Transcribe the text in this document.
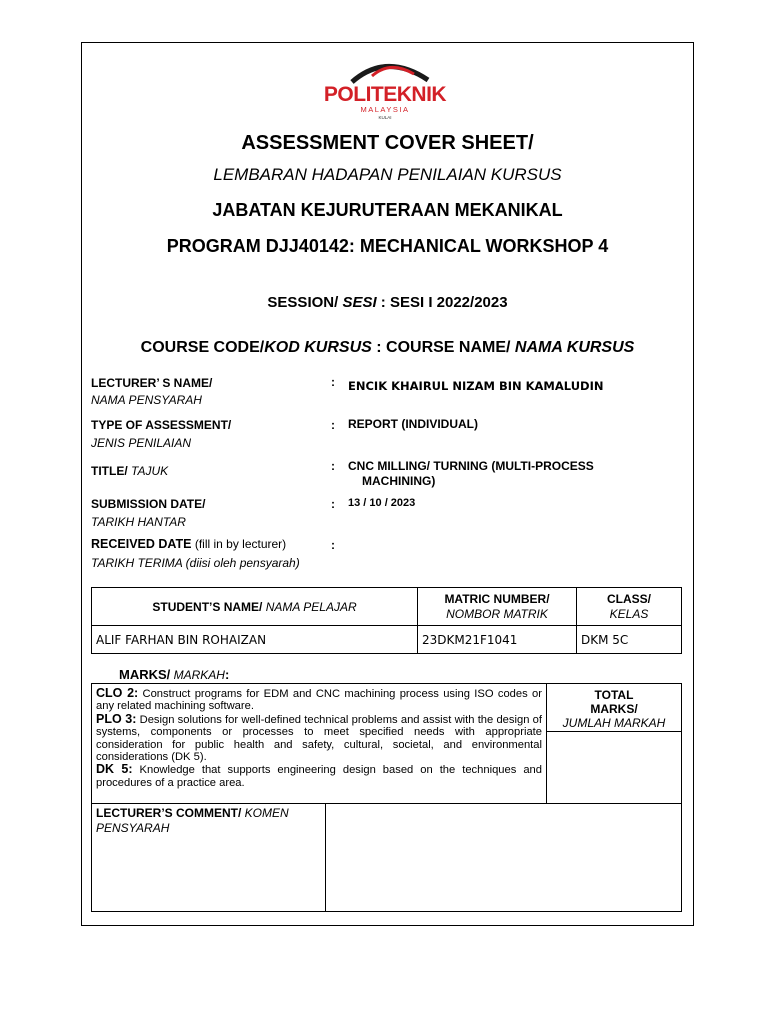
POLITEKNIK
MALAYSIA
KULAI
ASSESSMENT COVER SHEET/
LEMBARAN HADAPAN PENILAIAN KURSUS
JABATAN KEJURUTERAAN MEKANIKAL
PROGRAM DJJ40142: MECHANICAL WORKSHOP 4
SESSION/ SESI : SESI I 2022/2023
COURSE CODE/KOD KURSUS : COURSE NAME/ NAMA KURSUS
LECTURER’ S NAME/
NAMA PENSYARAH
: ENCIK KHAIRUL NIZAM BIN KAMALUDIN
TYPE OF ASSESSMENT/
JENIS PENILAIAN
: REPORT (INDIVIDUAL)
TITLE/ TAJUK	: CNC MILLING/ TURNING (MULTI-PROCESS
MACHINING)
SUBMISSION DATE/
TARIKH HANTAR
: 13 / 10 / 2023
RECEIVED DATE (fill in by lecturer)
TARIKH TERIMA (diisi oleh pensyarah)
:
STUDENT’S NAME/ NAMA PELAJAR	MATRIC NUMBER/
NOMBOR MATRIK	CLASS/
KELAS
ALIF FARHAN BIN ROHAIZAN	23DKM21F1041	DKM 5C
MARKS/ MARKAH:
CLO 2: Construct programs for EDM and CNC machining process using ISO codes or any related machining software.
PLO 3: Design solutions for well-defined technical problems and assist with the design of systems, components or processes to meet specified needs with appropriate consideration for public health and safety, cultural, societal, and environmental considerations (DK 5).
DK 5: Knowledge that supports engineering design based on the techniques and procedures of a practice area.
TOTAL
MARKS/
JUMLAH MARKAH
LECTURER’S COMMENT/ KOMEN
PENSYARAH
